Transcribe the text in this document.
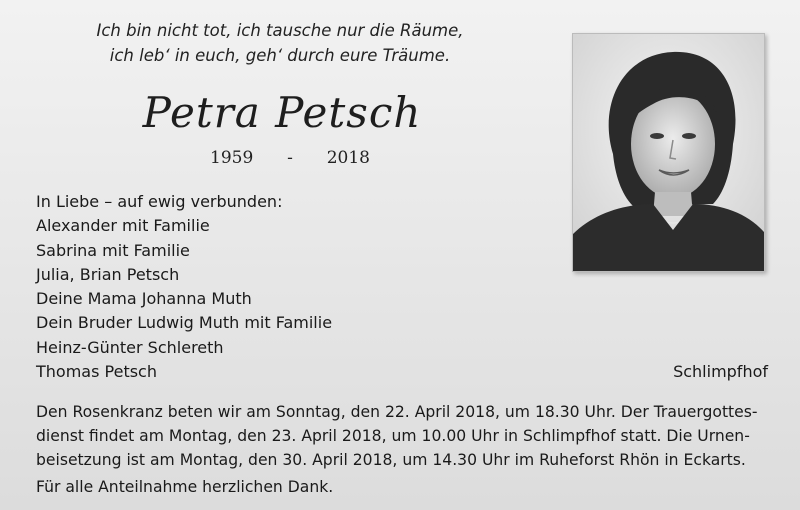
Ich bin nicht tot, ich tausche nur die Räume,
ich leb‘ in euch, geh‘ durch eure Träume.
Petra Petsch
1959 - 2018
In Liebe – auf ewig verbunden:
Alexander mit Familie
Sabrina mit Familie
Julia, Brian Petsch
Deine Mama Johanna Muth
Dein Bruder Ludwig Muth mit Familie
Heinz-Günter Schlereth
Thomas Petsch	Schlimpfhof
Den Rosenkranz beten wir am Sonntag, den 22. April 2018, um 18.30 Uhr. Der Trauergottes-
dienst findet am Montag, den 23. April 2018, um 10.00 Uhr in Schlimpfhof statt. Die Urnen-
beisetzung ist am Montag, den 30. April 2018, um 14.30 Uhr im Ruheforst Rhön in Eckarts.
Für alle Anteilnahme herzlichen Dank.
